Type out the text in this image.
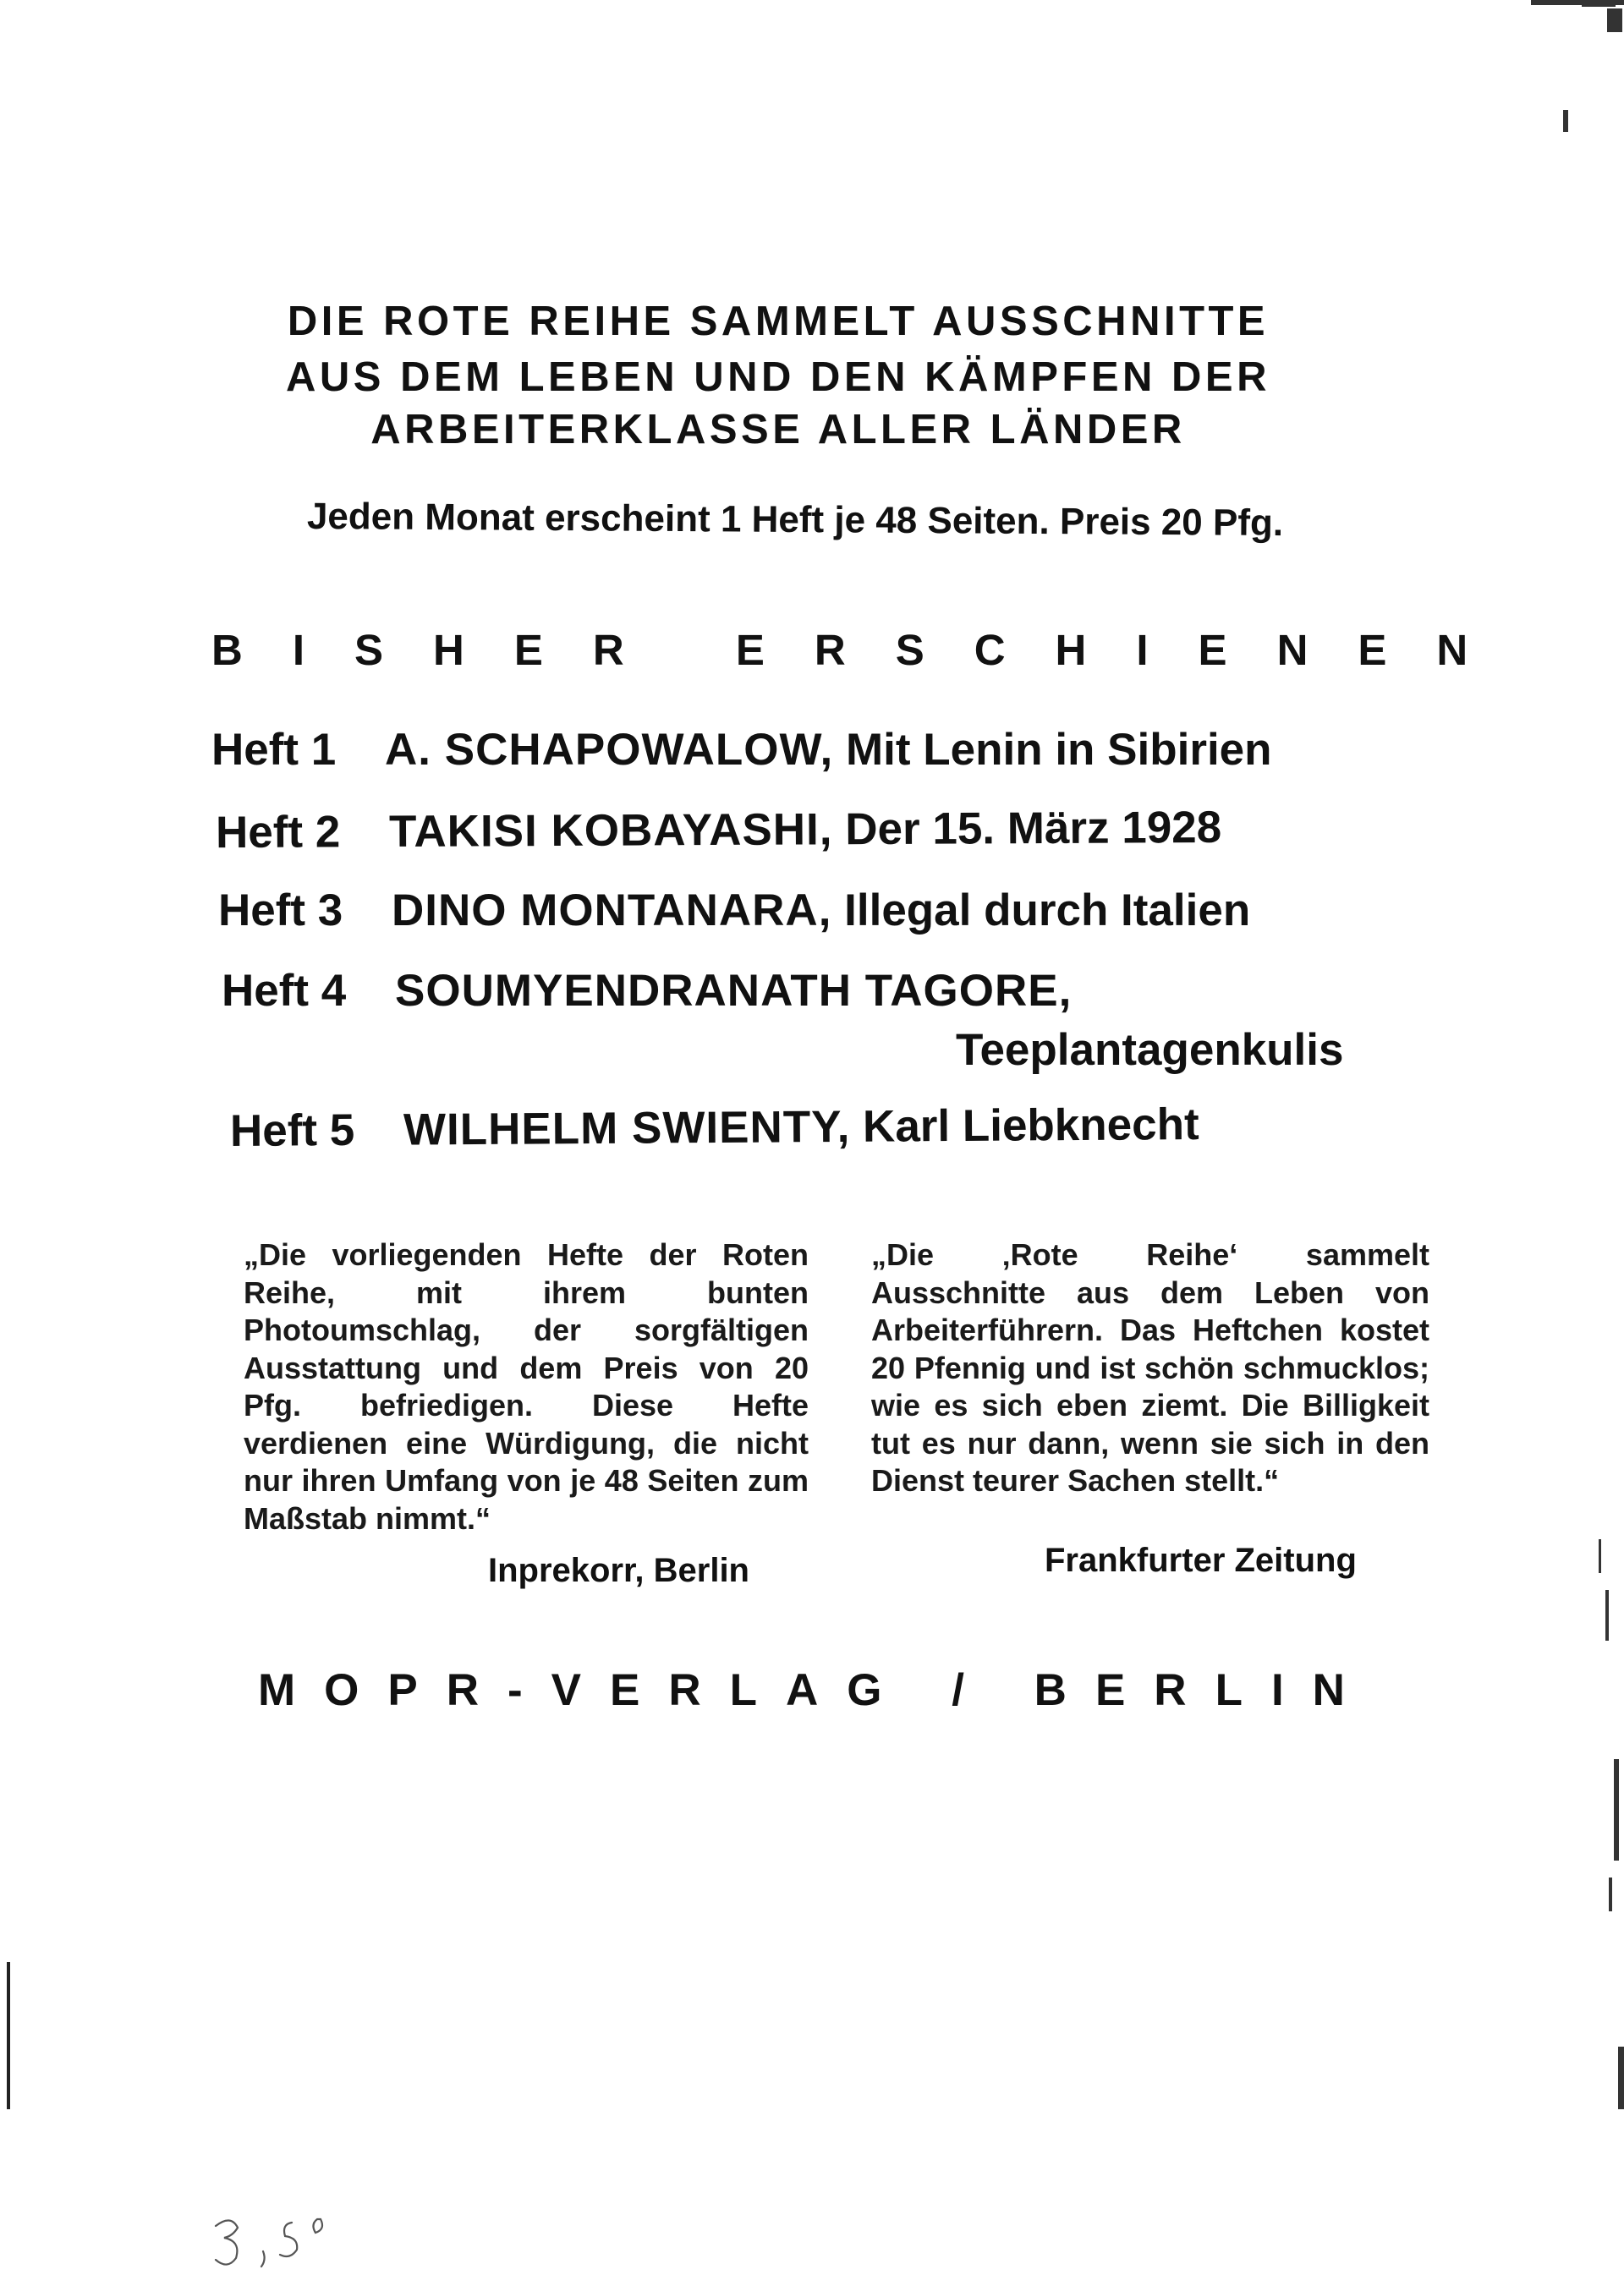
DIE ROTE REIHE SAMMELT AUSSCHNITTE
AUS DEM LEBEN UND DEN KÄMPFEN DER
ARBEITERKLASSE ALLER LÄNDER
Jeden Monat erscheint 1 Heft je 48 Seiten. Preis 20 Pfg.
BISHER ERSCHIENEN
Heft 1 A. SCHAPOWALOW, Mit Lenin in Sibirien
Heft 2 TAKISI KOBAYASHI, Der 15. März 1928
Heft 3 DINO MONTANARA, Illegal durch Italien
Heft 4 SOUMYENDRANATH TAGORE,
Teeplantagenkulis
Heft 5 WILHELM SWIENTY, Karl Liebknecht

„Die vorliegenden Hefte der Roten Reihe, mit ihrem bunten Photoumschlag, der sorgfältigen Ausstattung und dem Preis von 20 Pfg. befriedigen. Diese Hefte verdienen eine Würdigung, die nicht nur ihren Umfang von je 48 Seiten zum Maßstab nimmt.“

Inprekorr, Berlin

„Die ‚Rote Reihe‘ sammelt Ausschnitte aus dem Leben von Arbeiterführern. Das Heftchen kostet 20 Pfennig und ist schön schmucklos; wie es sich eben ziemt. Die Billigkeit tut es nur dann, wenn sie sich in den Dienst teurer Sachen stellt.“

Frankfurter Zeitung
MOPR-VERLAG / BERLIN
